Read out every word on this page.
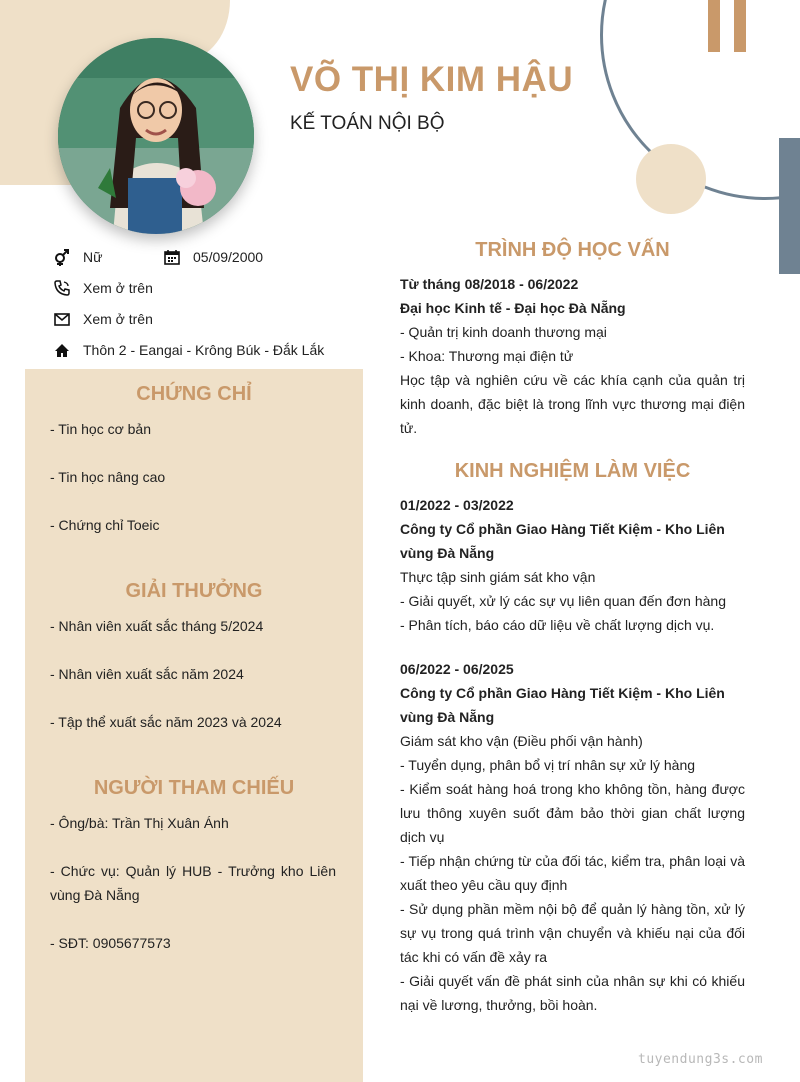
VÕ THỊ KIM HẬU
KẾ TOÁN NỘI BỘ
Nữ	05/09/2000
Xem ở trên
Xem ở trên
Thôn 2 - Eangai - Krông Búk - Đắk Lắk
CHỨNG CHỈ
- Tin học cơ bản
- Tin học nâng cao
- Chứng chỉ Toeic
GIẢI THƯỞNG
- Nhân viên xuất sắc tháng 5/2024
- Nhân viên xuất sắc năm 2024
- Tập thể xuất sắc năm 2023 và 2024
NGƯỜI THAM CHIẾU
- Ông/bà: Trần Thị Xuân Ánh
- Chức vụ: Quản lý HUB - Trưởng kho Liên vùng Đà Nẵng
- SĐT: 0905677573
TRÌNH ĐỘ HỌC VẤN

Từ tháng 08/2018 - 06/2022

Đại học Kinh tế - Đại học Đà Nẵng

- Quản trị kinh doanh thương mại

- Khoa: Thương mại điện tử

Học tập và nghiên cứu về các khía cạnh của quản trị kinh doanh, đặc biệt là trong lĩnh vực thương mại điện tử.

KINH NGHIỆM LÀM VIỆC

01/2022 - 03/2022

Công ty Cổ phần Giao Hàng Tiết Kiệm - Kho Liên vùng Đà Nẵng

Thực tập sinh giám sát kho vận

- Giải quyết, xử lý các sự vụ liên quan đến đơn hàng

- Phân tích, báo cáo dữ liệu về chất lượng dịch vụ.

06/2022 - 06/2025

Công ty Cổ phần Giao Hàng Tiết Kiệm - Kho Liên vùng Đà Nẵng

Giám sát kho vận (Điều phối vận hành)

- Tuyển dụng, phân bổ vị trí nhân sự xử lý hàng

- Kiểm soát hàng hoá trong kho không tồn, hàng được lưu thông xuyên suốt đảm bảo thời gian chất lượng dịch vụ

- Tiếp nhận chứng từ của đối tác, kiểm tra, phân loại và xuất theo yêu cầu quy định

- Sử dụng phần mềm nội bộ để quản lý hàng tồn, xử lý sự vụ trong quá trình vận chuyển và khiếu nại của đối tác khi có vấn đề xảy ra

- Giải quyết vấn đề phát sinh của nhân sự khi có khiếu nại về lương, thưởng, bồi hoàn.

tuyendung3s.com
